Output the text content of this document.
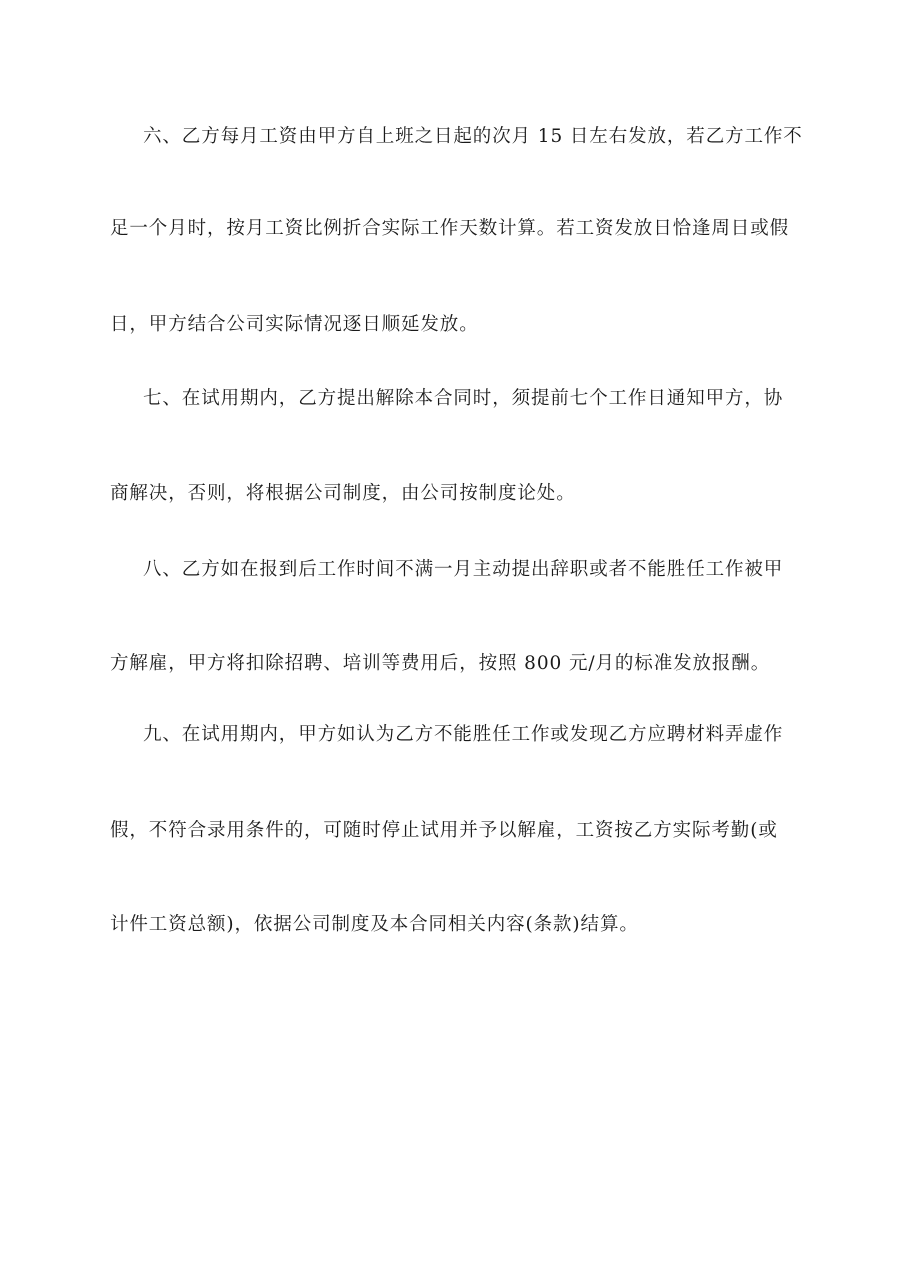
六、乙方每月工资由甲方自上班之日起的次月 15 日左右发放，若乙方工作不
足一个月时，按月工资比例折合实际工作天数计算。若工资发放日恰逢周日或假
日，甲方结合公司实际情况逐日顺延发放。
七、在试用期内，乙方提出解除本合同时，须提前七个工作日通知甲方，协
商解决，否则，将根据公司制度，由公司按制度论处。
八、乙方如在报到后工作时间不满一月主动提出辞职或者不能胜任工作被甲
方解雇，甲方将扣除招聘、培训等费用后，按照 800 元/月的标准发放报酬。
九、在试用期内，甲方如认为乙方不能胜任工作或发现乙方应聘材料弄虚作
假，不符合录用条件的，可随时停止试用并予以解雇，工资按乙方实际考勤(或
计件工资总额)，依据公司制度及本合同相关内容(条款)结算。
